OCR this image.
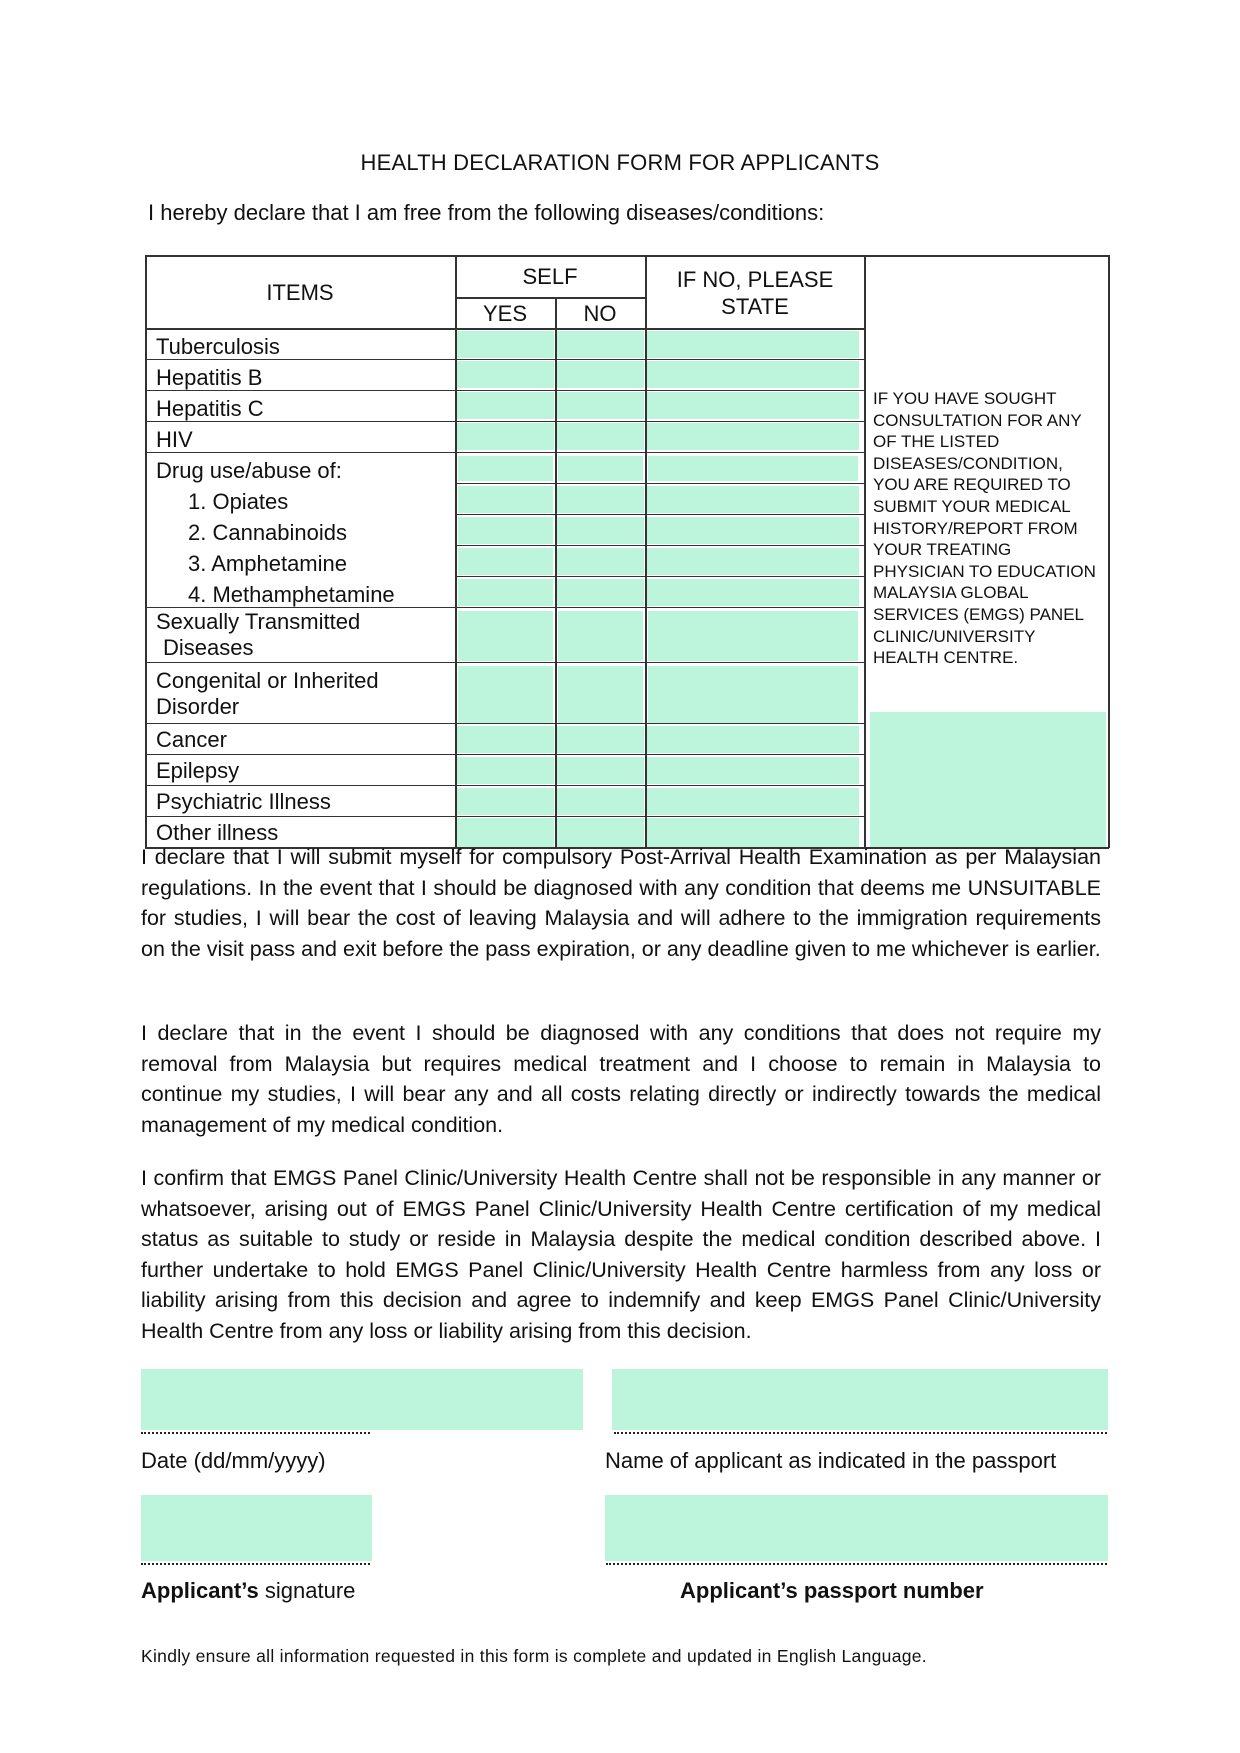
HEALTH DECLARATION FORM FOR APPLICANTS
I hereby declare that I am free from the following diseases/conditions:
ITEMS
SELF
YES	NO
IF NO, PLEASE STATE
Tuberculosis
Hepatitis B
Hepatitis C
HIV
Drug use/abuse of:
1. Opiates
2. Cannabinoids
3. Amphetamine
4. Methamphetamine
Sexually Transmitted
Diseases
Congenital or Inherited
Disorder
Cancer
Epilepsy
Psychiatric Illness
Other illness
IF YOU HAVE SOUGHT CONSULTATION FOR ANY OF THE LISTED DISEASES/CONDITION, YOU ARE REQUIRED TO SUBMIT YOUR MEDICAL HISTORY/REPORT FROM YOUR TREATING PHYSICIAN TO EDUCATION MALAYSIA GLOBAL SERVICES (EMGS) PANEL CLINIC/UNIVERSITY HEALTH CENTRE.
I declare that I will submit myself for compulsory Post-Arrival Health Examination as per Malaysian regulations. In the event that I should be diagnosed with any condition that deems me UNSUITABLE for studies, I will bear the cost of leaving Malaysia and will adhere to the immigration requirements on the visit pass and exit before the pass expiration, or any deadline given to me whichever is earlier.
I declare that in the event I should be diagnosed with any conditions that does not require my removal from Malaysia but requires medical treatment and I choose to remain in Malaysia to continue my studies, I will bear any and all costs relating directly or indirectly towards the medical management of my medical condition.
I confirm that EMGS Panel Clinic/University Health Centre shall not be responsible in any manner or whatsoever, arising out of EMGS Panel Clinic/University Health Centre certification of my medical status as suitable to study or reside in Malaysia despite the medical condition described above. I further undertake to hold EMGS Panel Clinic/University Health Centre harmless from any loss or liability arising from this decision and agree to indemnify and keep EMGS Panel Clinic/University Health Centre from any loss or liability arising from this decision.
Date (dd/mm/yyyy)	Name of applicant as indicated in the passport
Applicant’s signature	Applicant’s passport number
Kindly ensure all information requested in this form is complete and updated in English Language.
